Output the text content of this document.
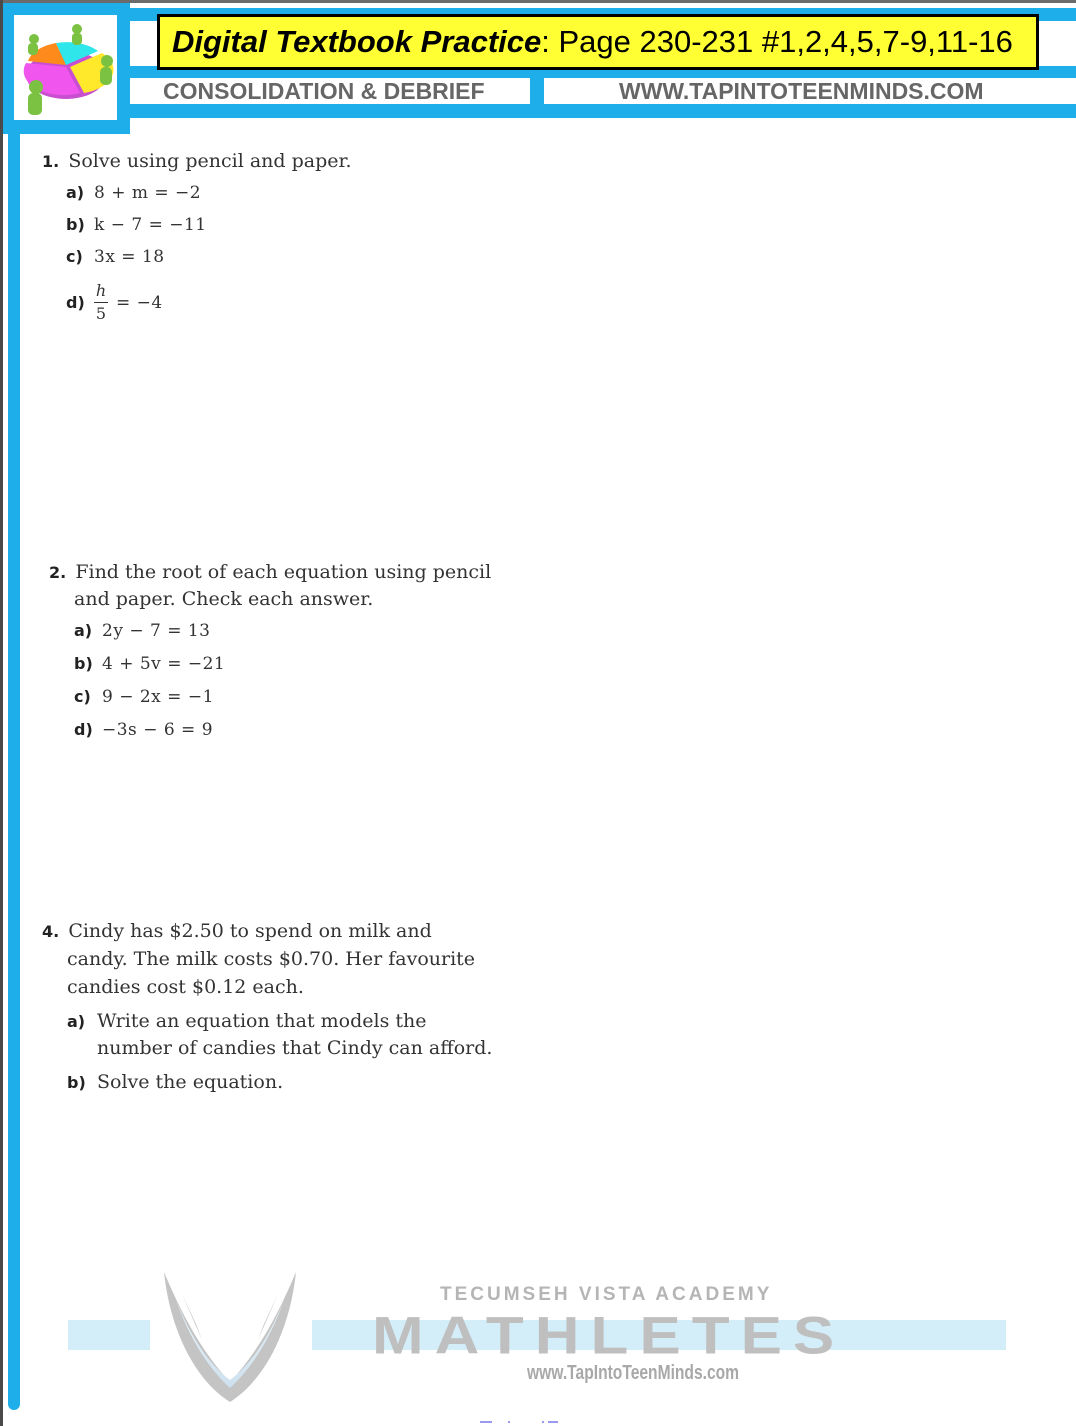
Digital Textbook Practice : Page 230-231 #1,2,4,5,7-9,11-16
CONSOLIDATION & DEBRIEF	WWW.TAPINTOTEENMINDS.COM
1. Solve using pencil and paper.
a) 8 + m = −2
b) k − 7 = −11
c) 3x = 18
$d) \frac{h}{5} = -4$
2. Find the root of each equation using pencil
and paper. Check each answer.
a) 2y − 7 = 13
b) 4 + 5v = −21
c) 9 − 2x = −1
d) −3s − 6 = 9
4. Cindy has $2.50 to spend on milk and
candy. The milk costs $0.70. Her favourite
candies cost $0.12 each.
a) Write an equation that models the
number of candies that Cindy can afford.
b) Solve the equation.
TECUMSEH VISTA ACADEMY
MATHLETES
www.TapIntoTeenMinds.com
